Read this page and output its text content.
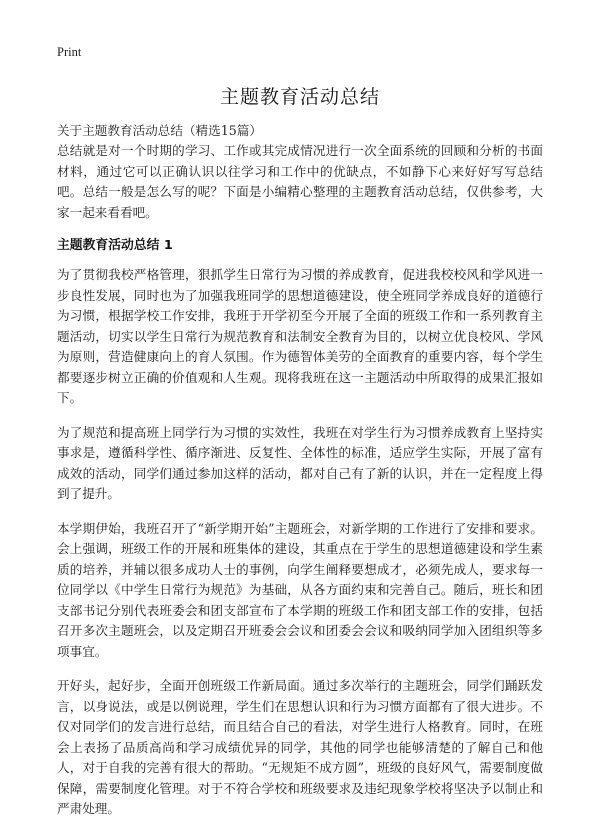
Print
主题教育活动总结
关于主题教育活动总结（精选15篇）

总结就是对一个时期的学习、工作或其完成情况进行一次全面系统的回顾和分析的书面材料，通过它可以正确认识以往学习和工作中的优缺点，不如静下心来好好写写总结吧。总结一般是怎么写的呢？下面是小编精心整理的主题教育活动总结，仅供参考，大家一起来看看吧。

主题教育活动总结 1

为了贯彻我校严格管理，狠抓学生日常行为习惯的养成教育，促进我校校风和学风进一步良性发展，同时也为了加强我班同学的思想道德建设，使全班同学养成良好的道德行为习惯，根据学校工作安排，我班于开学初至今开展了全面的班级工作和一系列教育主题活动，切实以学生日常行为规范教育和法制安全教育为目的，以树立优良校风、学风为原则，营造健康向上的育人氛围。作为德智体美劳的全面教育的重要内容，每个学生都要逐步树立正确的价值观和人生观。现将我班在这一主题活动中所取得的成果汇报如下。

为了规范和提高班上同学行为习惯的实效性，我班在对学生行为习惯养成教育上坚持实事求是，遵循科学性、循序渐进、反复性、全体性的标准，适应学生实际，开展了富有成效的活动，同学们通过参加这样的活动，都对自己有了新的认识，并在一定程度上得到了提升。

本学期伊始，我班召开了“新学期开始”主题班会，对新学期的工作进行了安排和要求。会上强调，班级工作的开展和班集体的建设，其重点在于学生的思想道德建设和学生素质的培养，并辅以很多成功人士的事例，向学生阐释要想成才，必须先成人，要求每一位同学以《中学生日常行为规范》为基础，从各方面约束和完善自己。随后，班长和团支部书记分别代表班委会和团支部宣布了本学期的班级工作和团支部工作的安排，包括召开多次主题班会，以及定期召开班委会会议和团委会会议和吸纳同学加入团组织等多项事宜。

开好头，起好步，全面开创班级工作新局面。通过多次举行的主题班会，同学们踊跃发言，以身说法，或是以例说理，学生们在思想认识和行为习惯方面都有了很大进步。不仅对同学们的发言进行总结，而且结合自己的看法，对学生进行人格教育。同时，在班会上表扬了品质高尚和学习成绩优异的同学，其他的同学也能够清楚的了解自己和他人，对于自我的完善有很大的帮助。“无规矩不成方圆”，班级的良好风气，需要制度做保障，需要制度化管理。对于不符合学校和班级要求及违纪现象学校将坚决予以制止和严肃处理。
